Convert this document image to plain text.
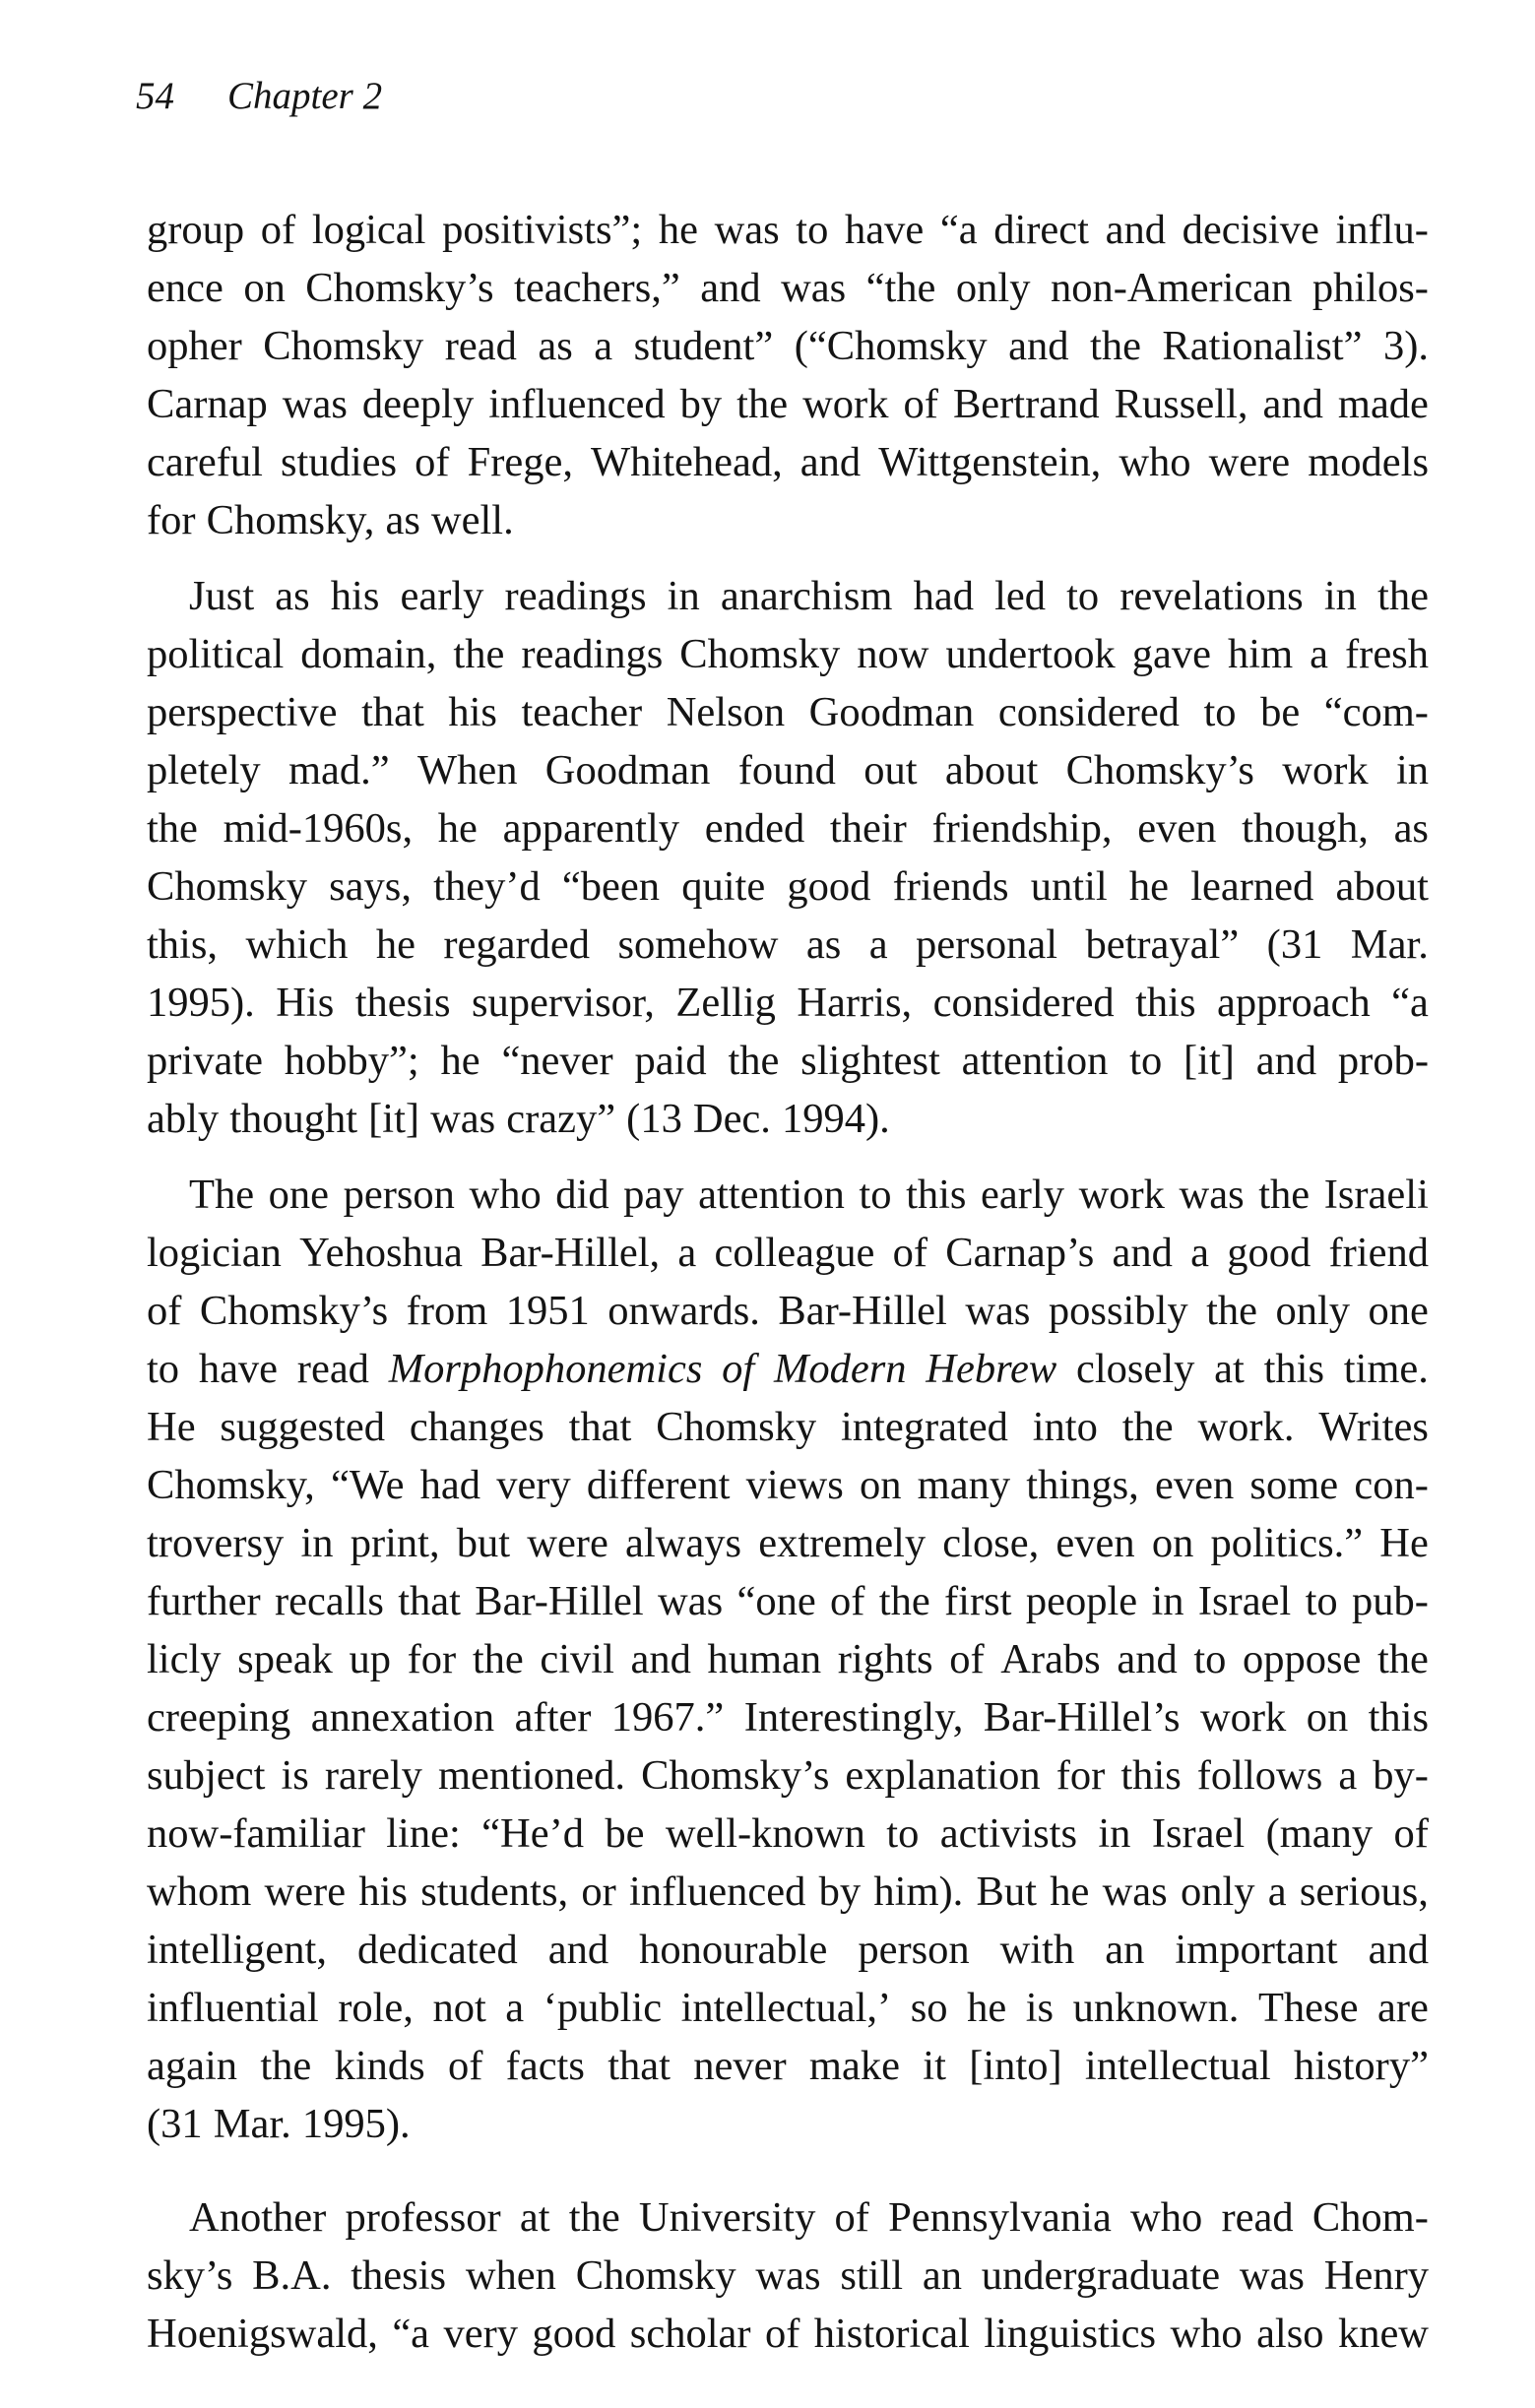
54 Chapter 2
group of logical positivists”; he was to have “a direct and decisive influ-
ence on Chomsky’s teachers,” and was “the only non-American philos-
opher Chomsky read as a student” (“Chomsky and the Rationalist” 3).
Carnap was deeply influenced by the work of Bertrand Russell, and made
careful studies of Frege, Whitehead, and Wittgenstein, who were models
for Chomsky, as well.
Just as his early readings in anarchism had led to revelations in the
political domain, the readings Chomsky now undertook gave him a fresh
perspective that his teacher Nelson Goodman considered to be “com-
pletely mad.” When Goodman found out about Chomsky’s work in
the mid-1960s, he apparently ended their friendship, even though, as
Chomsky says, they’d “been quite good friends until he learned about
this, which he regarded somehow as a personal betrayal” (31 Mar.
1995). His thesis supervisor, Zellig Harris, considered this approach “a
private hobby”; he “never paid the slightest attention to [it] and prob-
ably thought [it] was crazy” (13 Dec. 1994).
The one person who did pay attention to this early work was the Israeli
logician Yehoshua Bar-Hillel, a colleague of Carnap’s and a good friend
of Chomsky’s from 1951 onwards. Bar-Hillel was possibly the only one
to have read Morphophonemics of Modern Hebrew closely at this time.
He suggested changes that Chomsky integrated into the work. Writes
Chomsky, “We had very different views on many things, even some con-
troversy in print, but were always extremely close, even on politics.” He
further recalls that Bar-Hillel was “one of the first people in Israel to pub-
licly speak up for the civil and human rights of Arabs and to oppose the
creeping annexation after 1967.” Interestingly, Bar-Hillel’s work on this
subject is rarely mentioned. Chomsky’s explanation for this follows a by-
now-familiar line: “He’d be well-known to activists in Israel (many of
whom were his students, or influenced by him). But he was only a serious,
intelligent, dedicated and honourable person with an important and
influential role, not a ‘public intellectual,’ so he is unknown. These are
again the kinds of facts that never make it [into] intellectual history”
(31 Mar. 1995).
Another professor at the University of Pennsylvania who read Chom-
sky’s B.A. thesis when Chomsky was still an undergraduate was Henry
Hoenigswald, “a very good scholar of historical linguistics who also knew
